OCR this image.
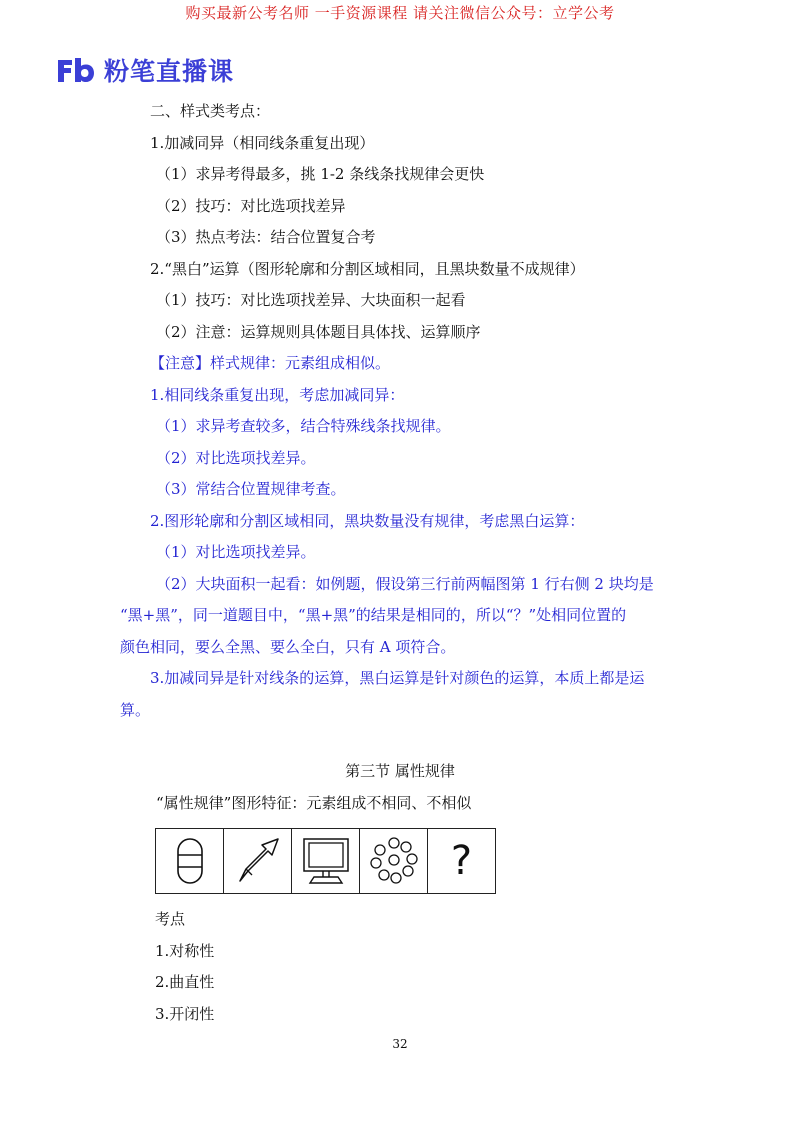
购买最新公考名师 一手资源课程 请关注微信公众号：立学公考
粉笔直播课
二、样式类考点：
1.加减同异（相同线条重复出现）
（1）求异考得最多，挑 1-2 条线条找规律会更快
（2）技巧：对比选项找差异
（3）热点考法：结合位置复合考
2.“黑白”运算（图形轮廓和分割区域相同，且黑块数量不成规律）
（1）技巧：对比选项找差异、大块面积一起看
（2）注意：运算规则具体题目具体找、运算顺序
【注意】样式规律：元素组成相似。
1.相同线条重复出现，考虑加减同异：
（1）求异考查较多，结合特殊线条找规律。
（2）对比选项找差异。
（3）常结合位置规律考查。
2.图形轮廓和分割区域相同，黑块数量没有规律，考虑黑白运算：
（1）对比选项找差异。
（2）大块面积一起看：如例题，假设第三行前两幅图第 1 行右侧 2 块均是
“黑+黑”，同一道题目中，“黑+黑”的结果是相同的，所以“？”处相同位置的
颜色相同，要么全黑、要么全白，只有 A 项符合。
3.加减同异是针对线条的运算，黑白运算是针对颜色的运算，本质上都是运
算。
第三节 属性规律
“属性规律”图形特征：元素组成不相同、不相似
?
考点
1.对称性
2.曲直性
3.开闭性
32
